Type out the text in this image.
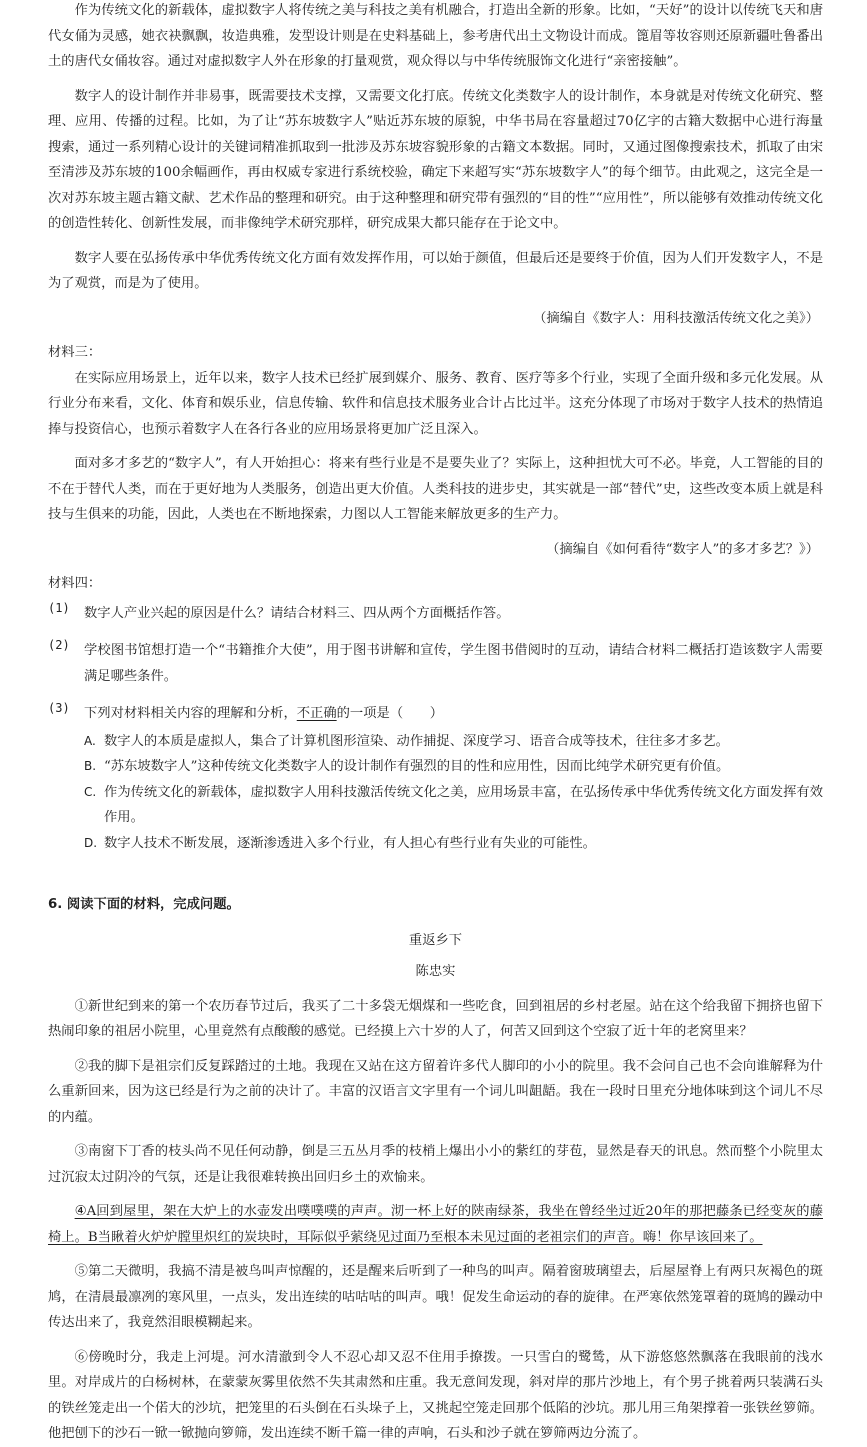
作为传统文化的新载体，虚拟数字人将传统之美与科技之美有机融合，打造出全新的形象。比如，“天好”的设计以传统飞天和唐代女俑为灵感，她衣袂飘飘，妆造典雅，发型设计则是在史料基础上，参考唐代出土文物设计而成。篦眉等妆容则还原新疆吐鲁番出土的唐代女俑妆容。通过对虚拟数字人外在形象的打量观赏，观众得以与中华传统服饰文化进行“亲密接触”。

数字人的设计制作并非易事，既需要技术支撑，又需要文化打底。传统文化类数字人的设计制作，本身就是对传统文化研究、整理、应用、传播的过程。比如，为了让“苏东坡数字人”贴近苏东坡的原貌，中华书局在容量超过70亿字的古籍大数据中心进行海量搜索，通过一系列精心设计的关键词精准抓取到一批涉及苏东坡容貌形象的古籍文本数据。同时，又通过图像搜索技术，抓取了由宋至清涉及苏东坡的100余幅画作，再由权威专家进行系统校验，确定下来超写实“苏东坡数字人”的每个细节。由此观之，这完全是一次对苏东坡主题古籍文献、艺术作品的整理和研究。由于这种整理和研究带有强烈的“目的性”“应用性”，所以能够有效推动传统文化的创造性转化、创新性发展，而非像纯学术研究那样，研究成果大都只能存在于论文中。

数字人要在弘扬传承中华优秀传统文化方面有效发挥作用，可以始于颜值，但最后还是要终于价值，因为人们开发数字人，不是为了观赏，而是为了使用。

（摘编自《数字人：用科技激活传统文化之美》）

材料三：

在实际应用场景上，近年以来，数字人技术已经扩展到媒介、服务、教育、医疗等多个行业，实现了全面升级和多元化发展。从行业分布来看，文化、体育和娱乐业，信息传输、软件和信息技术服务业合计占比过半。这充分体现了市场对于数字人技术的热情追捧与投资信心，也预示着数字人在各行各业的应用场景将更加广泛且深入。

面对多才多艺的“数字人”，有人开始担心：将来有些行业是不是要失业了？实际上，这种担忧大可不必。毕竟，人工智能的目的不在于替代人类，而在于更好地为人类服务，创造出更大价值。人类科技的进步史，其实就是一部“替代”史，这些改变本质上就是科技与生俱来的功能，因此，人类也在不断地探索，力图以人工智能来解放更多的生产力。

（摘编自《如何看待“数字人”的多才多艺？》）

材料四：

(1) 数字人产业兴起的原因是什么？请结合材料三、四从两个方面概括作答。

(2) 学校图书馆想打造一个“书籍推介大使”，用于图书讲解和宣传，学生图书借阅时的互动，请结合材料二概括打造该数字人需要满足哪些条件。

(3) 下列对材料相关内容的理解和分析，不正确的一项是（　　）

A. 数字人的本质是虚拟人，集合了计算机图形渲染、动作捕捉、深度学习、语音合成等技术，往往多才多艺。

B. “苏东坡数字人”这种传统文化类数字人的设计制作有强烈的目的性和应用性，因而比纯学术研究更有价值。

C. 作为传统文化的新载体，虚拟数字人用科技激活传统文化之美，应用场景丰富，在弘扬传承中华优秀传统文化方面发挥有效作用。

D. 数字人技术不断发展，逐渐渗透进入多个行业，有人担心有些行业有失业的可能性。

6. 阅读下面的材料，完成问题。

重返乡下

陈忠实

①新世纪到来的第一个农历春节过后，我买了二十多袋无烟煤和一些吃食，回到祖居的乡村老屋。站在这个给我留下拥挤也留下热闹印象的祖居小院里，心里竟然有点酸酸的感觉。已经摸上六十岁的人了，何苦又回到这个空寂了近十年的老窝里来？

②我的脚下是祖宗们反复踩踏过的土地。我现在又站在这方留着许多代人脚印的小小的院里。我不会问自己也不会向谁解释为什么重新回来，因为这已经是行为之前的决计了。丰富的汉语言文字里有一个词儿叫龃龉。我在一段时日里充分地体味到这个词儿不尽的内蕴。

③南窗下丁香的枝头尚不见任何动静，倒是三五丛月季的枝梢上爆出小小的紫红的芽苞，显然是春天的讯息。然而整个小院里太过沉寂太过阴冷的气氛，还是让我很难转换出回归乡土的欢愉来。

④A回到屋里，架在大炉上的水壶发出噗噗噗的声声。沏一杯上好的陕南绿茶，我坐在曾经坐过近20年的那把藤条已经变灰的藤椅上。B当瞅着火炉炉膛里炽红的炭块时，耳际似乎萦绕见过面乃至根本未见过面的老祖宗们的声音。嗨！你早该回来了。

⑤第二天微明，我搞不清是被鸟叫声惊醒的，还是醒来后听到了一种鸟的叫声。隔着窗玻璃望去，后屋屋脊上有两只灰褐色的斑鸠，在清晨最凛冽的寒风里，一点头，发出连续的咕咕咕的叫声。哦！促发生命运动的春的旋律。在严寒依然笼罩着的斑鸠的躁动中传达出来了，我竟然泪眼模糊起来。

⑥傍晚时分，我走上河堤。河水清澈到令人不忍心却又忍不住用手撩拨。一只雪白的鹭鸶，从下游悠悠然飘落在我眼前的浅水里。对岸成片的白杨树林，在蒙蒙灰雾里依然不失其肃然和庄重。我无意间发现，斜对岸的那片沙地上，有个男子挑着两只装满石头的铁丝笼走出一个偌大的沙坑，把笼里的石头倒在石头垛子上，又挑起空笼走回那个低陷的沙坑。那儿用三角架撑着一张铁丝箩筛。他把刨下的沙石一锨一锨抛向箩筛，发出连续不断千篇一律的声响，石头和沙子就在箩筛两边分流了。
